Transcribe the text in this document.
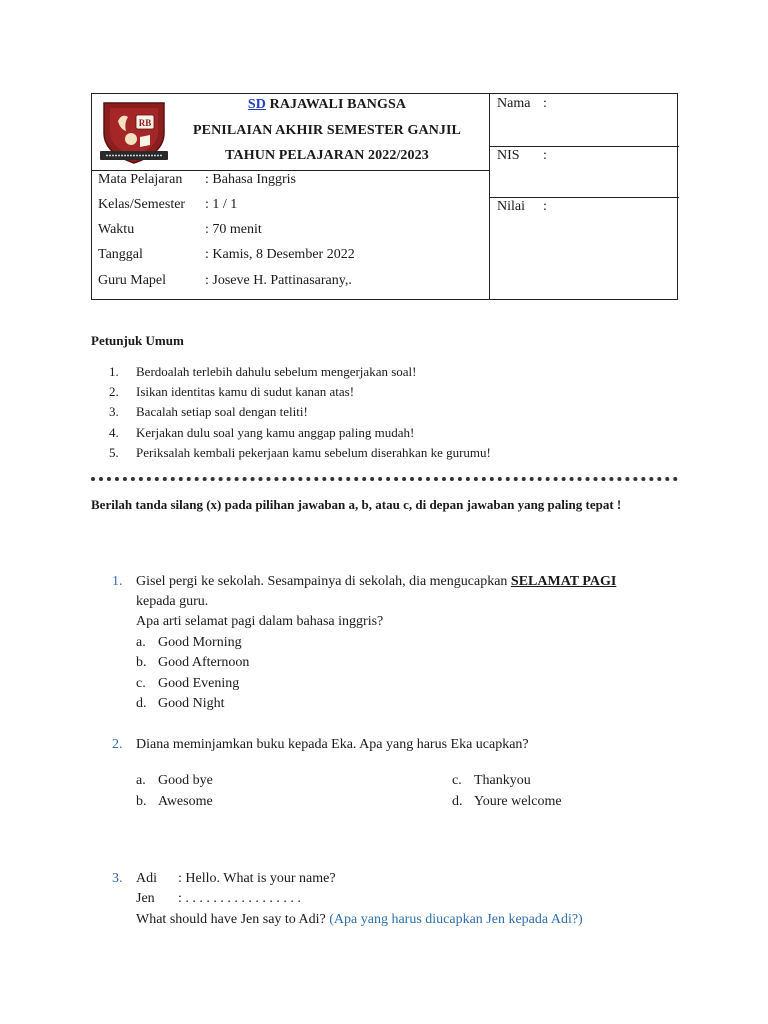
RB
SD RAJAWALI BANGSA
PENILAIAN AKHIR SEMESTER GANJIL
TAHUN PELAJARAN 2022/2023
Mata Pelajaran : Bahasa Inggris
Kelas/Semester : 1 / 1
Waktu	: 70 menit
Tanggal	: Kamis, 8 Desember 2022
Guru Mapel	: Joseve H. Pattinasarany,.
Nama :
NIS :
Nilai :
Petunjuk Umum
1. Berdoalah terlebih dahulu sebelum mengerjakan soal!
2. Isikan identitas kamu di sudut kanan atas!
3. Bacalah setiap soal dengan teliti!
4. Kerjakan dulu soal yang kamu anggap paling mudah!
5. Periksalah kembali pekerjaan kamu sebelum diserahkan ke gurumu!
Berilah tanda silang (x) pada pilihan jawaban a, b, atau c, di depan jawaban yang paling tepat !
1. Gisel pergi ke sekolah. Sesampainya di sekolah, dia mengucapkan SELAMAT PAGI
kepada guru.
Apa arti selamat pagi dalam bahasa inggris?
a. Good Morning
b. Good Afternoon
c. Good Evening
d. Good Night
2. Diana meminjamkan buku kepada Eka. Apa yang harus Eka ucapkan?
a. Good bye
b. Awesome
c. Thankyou
d. Youre welcome
3. Adi : Hello. What is your name?
Jen : . . . . . . . . . . . . . . . . .
What should have Jen say to Adi? (Apa yang harus diucapkan Jen kepada Adi?)
